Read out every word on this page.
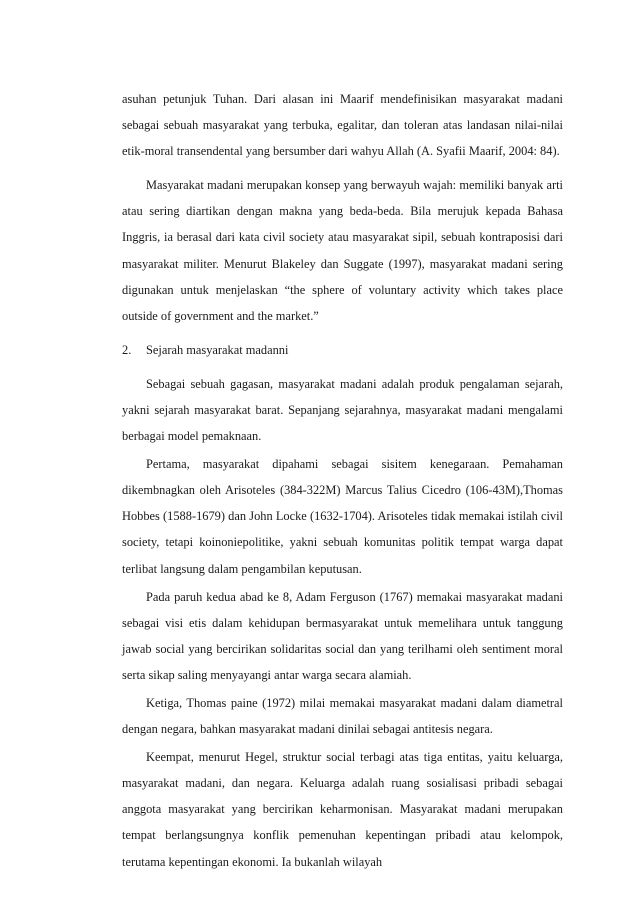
asuhan petunjuk Tuhan. Dari alasan ini Maarif mendefinisikan masyarakat madani sebagai sebuah masyarakat yang terbuka, egalitar, dan toleran atas landasan nilai-nilai etik-moral transendental yang bersumber dari wahyu Allah (A. Syafii Maarif, 2004: 84).

Masyarakat madani merupakan konsep yang berwayuh wajah: memiliki banyak arti atau sering diartikan dengan makna yang beda-beda. Bila merujuk kepada Bahasa Inggris, ia berasal dari kata civil society atau masyarakat sipil, sebuah kontraposisi dari masyarakat militer. Menurut Blakeley dan Suggate (1997), masyarakat madani sering digunakan untuk menjelaskan “the sphere of voluntary activity which takes place outside of government and the market.”

2.	Sejarah masyarakat madanni

Sebagai sebuah gagasan, masyarakat madani adalah produk pengalaman sejarah, yakni sejarah masyarakat barat. Sepanjang sejarahnya, masyarakat madani mengalami berbagai model pemaknaan.

Pertama, masyarakat dipahami sebagai sisitem kenegaraan. Pemahaman dikembnagkan oleh Arisoteles (384-322M) Marcus Talius Cicedro (106-43M),Thomas Hobbes (1588-1679) dan John Locke (1632-1704). Arisoteles tidak memakai istilah civil society, tetapi koinoniepolitike, yakni sebuah komunitas politik tempat warga dapat terlibat langsung dalam pengambilan keputusan.

Pada paruh kedua abad ke 8, Adam Ferguson (1767) memakai masyarakat madani sebagai visi etis dalam kehidupan bermasyarakat untuk memelihara untuk tanggung jawab social yang bercirikan solidaritas social dan yang terilhami oleh sentiment moral serta sikap saling menyayangi antar warga secara alamiah.

Ketiga, Thomas paine (1972) milai memakai masyarakat madani dalam diametral dengan negara, bahkan masyarakat madani dinilai sebagai antitesis negara.

Keempat, menurut Hegel, struktur social terbagi atas tiga entitas, yaitu keluarga, masyarakat madani, dan negara. Keluarga adalah ruang sosialisasi pribadi sebagai anggota masyarakat yang bercirikan keharmonisan. Masyarakat madani merupakan tempat berlangsungnya konflik pemenuhan kepentingan pribadi atau kelompok, terutama kepentingan ekonomi. Ia bukanlah wilayah
